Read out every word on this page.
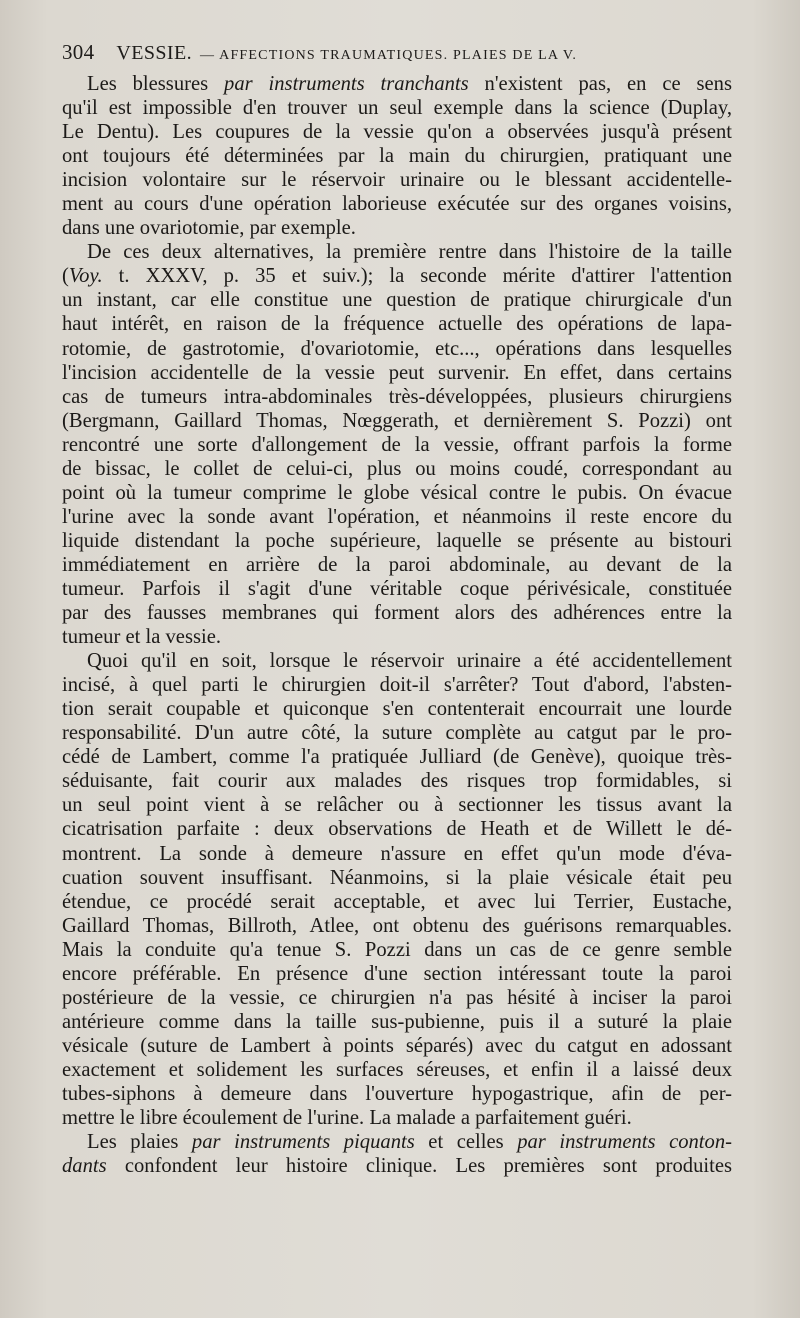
304 VESSIE. — AFFECTIONS TRAUMATIQUES. PLAIES DE LA V.

Les blessures par instruments tranchants n'existent pas, en ce sens
qu'il est impossible d'en trouver un seul exemple dans la science (Duplay,
Le Dentu). Les coupures de la vessie qu'on a observées jusqu'à présent
ont toujours été déterminées par la main du chirurgien, pratiquant une
incision volontaire sur le réservoir urinaire ou le blessant accidentelle-
ment au cours d'une opération laborieuse exécutée sur des organes voisins,
dans une ovariotomie, par exemple.

De ces deux alternatives, la première rentre dans l'histoire de la taille
(Voy. t. XXXV, p. 35 et suiv.); la seconde mérite d'attirer l'attention
un instant, car elle constitue une question de pratique chirurgicale d'un
haut intérêt, en raison de la fréquence actuelle des opérations de lapa-
rotomie, de gastrotomie, d'ovariotomie, etc..., opérations dans lesquelles
l'incision accidentelle de la vessie peut survenir. En effet, dans certains
cas de tumeurs intra-abdominales très-développées, plusieurs chirurgiens
(Bergmann, Gaillard Thomas, Nœggerath, et dernièrement S. Pozzi) ont
rencontré une sorte d'allongement de la vessie, offrant parfois la forme
de bissac, le collet de celui-ci, plus ou moins coudé, correspondant au
point où la tumeur comprime le globe vésical contre le pubis. On évacue
l'urine avec la sonde avant l'opération, et néanmoins il reste encore du
liquide distendant la poche supérieure, laquelle se présente au bistouri
immédiatement en arrière de la paroi abdominale, au devant de la
tumeur. Parfois il s'agit d'une véritable coque périvésicale, constituée
par des fausses membranes qui forment alors des adhérences entre la
tumeur et la vessie.

Quoi qu'il en soit, lorsque le réservoir urinaire a été accidentellement
incisé, à quel parti le chirurgien doit-il s'arrêter? Tout d'abord, l'absten-
tion serait coupable et quiconque s'en contenterait encourrait une lourde
responsabilité. D'un autre côté, la suture complète au catgut par le pro-
cédé de Lambert, comme l'a pratiquée Julliard (de Genève), quoique très-
séduisante, fait courir aux malades des risques trop formidables, si
un seul point vient à se relâcher ou à sectionner les tissus avant la
cicatrisation parfaite : deux observations de Heath et de Willett le dé-
montrent. La sonde à demeure n'assure en effet qu'un mode d'éva-
cuation souvent insuffisant. Néanmoins, si la plaie vésicale était peu
étendue, ce procédé serait acceptable, et avec lui Terrier, Eustache,
Gaillard Thomas, Billroth, Atlee, ont obtenu des guérisons remarquables.
Mais la conduite qu'a tenue S. Pozzi dans un cas de ce genre semble
encore préférable. En présence d'une section intéressant toute la paroi
postérieure de la vessie, ce chirurgien n'a pas hésité à inciser la paroi
antérieure comme dans la taille sus-pubienne, puis il a suturé la plaie
vésicale (suture de Lambert à points séparés) avec du catgut en adossant
exactement et solidement les surfaces séreuses, et enfin il a laissé deux
tubes-siphons à demeure dans l'ouverture hypogastrique, afin de per-
mettre le libre écoulement de l'urine. La malade a parfaitement guéri.

Les plaies par instruments piquants et celles par instruments conton-
dants confondent leur histoire clinique. Les premières sont produites
